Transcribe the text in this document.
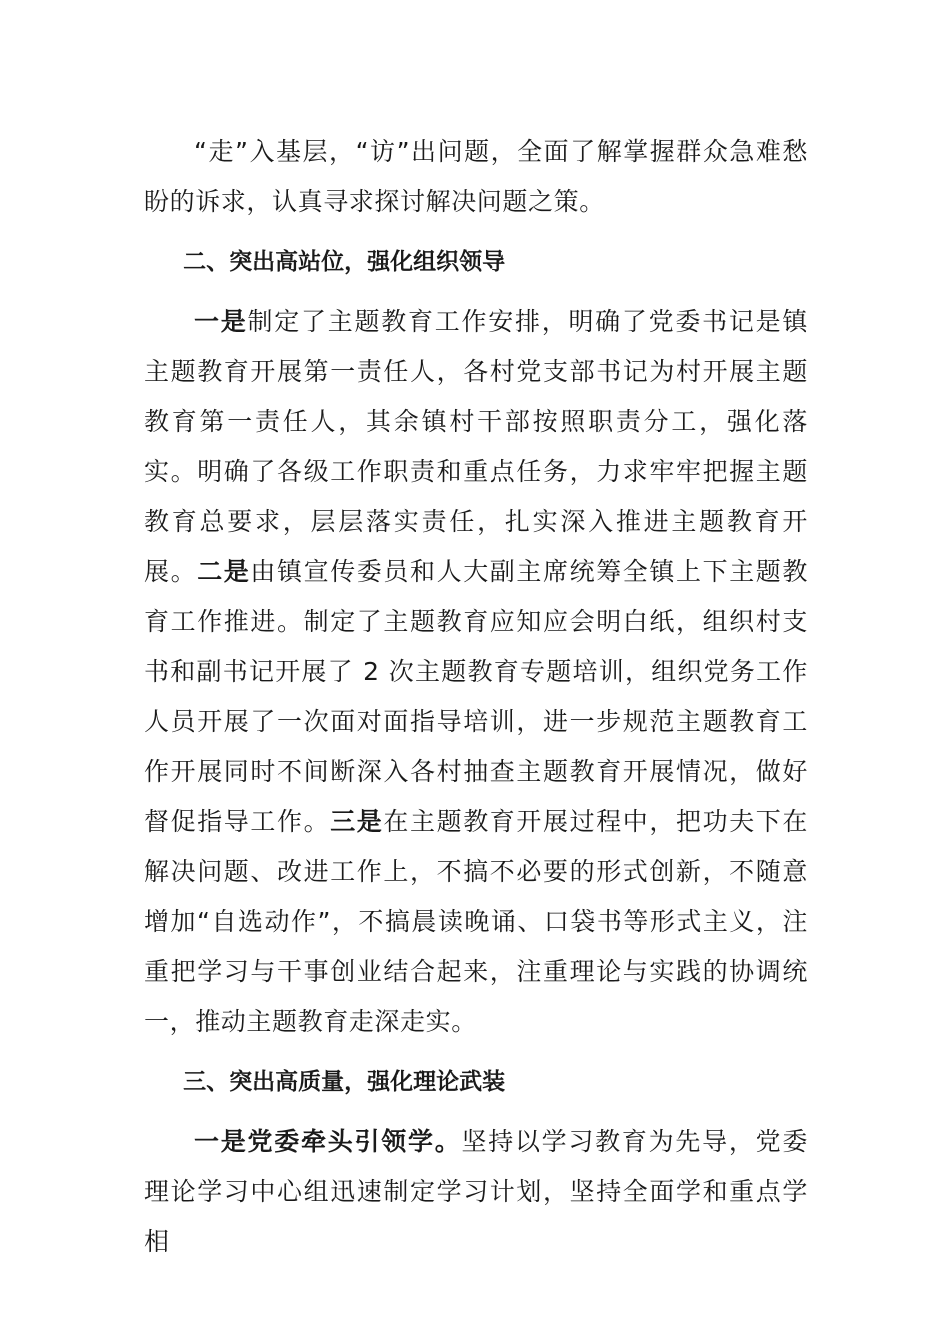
“走”入基层，“访”出问题，全面了解掌握群众急难愁盼的诉求，认真寻求探讨解决问题之策。

二、突出高站位，强化组织领导

一是制定了主题教育工作安排，明确了党委书记是镇主题教育开展第一责任人，各村党支部书记为村开展主题教育第一责任人，其余镇村干部按照职责分工，强化落实。明确了各级工作职责和重点任务，力求牢牢把握主题教育总要求，层层落实责任，扎实深入推进主题教育开展。二是由镇宣传委员和人大副主席统筹全镇上下主题教育工作推进。制定了主题教育应知应会明白纸，组织村支书和副书记开展了 2 次主题教育专题培训，组织党务工作人员开展了一次面对面指导培训，进一步规范主题教育工作开展同时不间断深入各村抽查主题教育开展情况，做好督促指导工作。三是在主题教育开展过程中，把功夫下在解决问题、改进工作上，不搞不必要的形式创新，不随意增加“自选动作”，不搞晨读晚诵、口袋书等形式主义，注重把学习与干事创业结合起来，注重理论与实践的协调统一，推动主题教育走深走实。

三、突出高质量，强化理论武装

一是党委牵头引领学。坚持以学习教育为先导，党委理论学习中心组迅速制定学习计划，坚持全面学和重点学相
